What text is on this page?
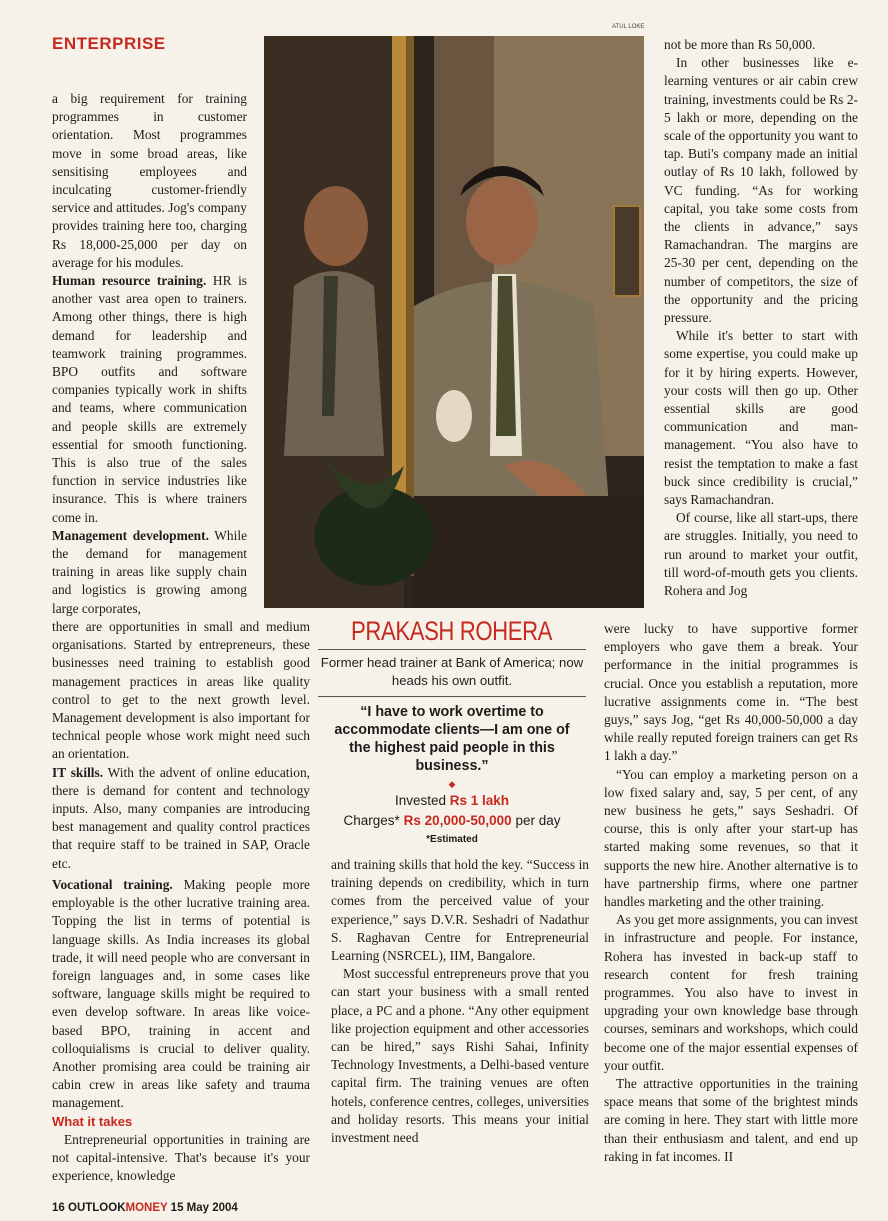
ENTERPRISE
ATUL LOKE

a big requirement for training programmes in customer orientation. Most programmes move in some broad areas, like sensitising employees and inculcating customer-friendly service and attitudes. Jog's company provides training here too, charging Rs 18,000-25,000 per day on average for his modules.

Human resource training. HR is another vast area open to trainers. Among other things, there is high demand for leadership and teamwork training programmes. BPO outfits and software companies typically work in shifts and teams, where communication and people skills are extremely essential for smooth functioning. This is also true of the sales function in service industries like insurance. This is where trainers come in.

Management development. While the demand for management training in areas like supply chain and logistics is growing among large corporates,

there are opportunities in small and medium organisations. Started by entrepreneurs, these businesses need training to establish good management practices in areas like quality control to get to the next growth level. Management development is also important for technical people whose work might need such an orientation.

IT skills. With the advent of online education, there is demand for content and technology inputs. Also, many companies are introducing best management and quality control practices that require staff to be trained in SAP, Oracle etc.

Vocational training. Making people more employable is the other lucrative training area. Topping the list in terms of potential is language skills. As India increases its global trade, it will need people who are conversant in foreign languages and, in some cases like software, language skills might be required to even develop software. In areas like voice-based BPO, training in accent and colloquialisms is crucial to deliver quality. Another promising area could be training air cabin crew in areas like safety and trauma management.

What it takes

Entrepreneurial opportunities in training are not capital-intensive. That's because it's your experience, knowledge

PRAKASH ROHERA
Former head trainer at Bank of America; now heads his own outfit.
“I have to work overtime to accommodate clients—I am one of the highest paid people in this business.”
◆
Invested Rs 1 lakh
Charges* Rs 20,000-50,000 per day
*Estimated

and training skills that hold the key. “Success in training depends on credibility, which in turn comes from the perceived value of your experience,” says D.V.R. Seshadri of Nadathur S. Raghavan Centre for Entrepreneurial Learning (NSRCEL), IIM, Bangalore.

Most successful entrepreneurs prove that you can start your business with a small rented place, a PC and a phone. “Any other equipment like projection equipment and other accessories can be hired,” says Rishi Sahai, Infinity Technology Investments, a Delhi-based venture capital firm. The training venues are often hotels, conference centres, colleges, universities and holiday resorts. This means your initial investment need

not be more than Rs 50,000.

In other businesses like e-learning ventures or air cabin crew training, investments could be Rs 2-5 lakh or more, depending on the scale of the opportunity you want to tap. Buti's company made an initial outlay of Rs 10 lakh, followed by VC funding. “As for working capital, you take some costs from the clients in advance,” says Ramachandran. The margins are 25-30 per cent, depending on the number of competitors, the size of the opportunity and the pricing pressure.

While it's better to start with some expertise, you could make up for it by hiring experts. However, your costs will then go up. Other essential skills are good communication and man-management. “You also have to resist the temptation to make a fast buck since credibility is crucial,” says Ramachandran.

Of course, like all start-ups, there are struggles. Initially, you need to run around to market your outfit, till word-of-mouth gets you clients. Rohera and Jog

were lucky to have supportive former employers who gave them a break. Your performance in the initial programmes is crucial. Once you establish a reputation, more lucrative assignments come in. “The best guys,” says Jog, “get Rs 40,000-50,000 a day while really reputed foreign trainers can get Rs 1 lakh a day.”

“You can employ a marketing person on a low fixed salary and, say, 5 per cent, of any new business he gets,” says Seshadri. Of course, this is only after your start-up has started making some revenues, so that it supports the new hire. Another alternative is to have partnership firms, where one partner handles marketing and the other training.

As you get more assignments, you can invest in infrastructure and people. For instance, Rohera has invested in back-up staff to research content for fresh training programmes. You also have to invest in upgrading your own knowledge base through courses, seminars and workshops, which could become one of the major essential expenses of your outfit.

The attractive opportunities in the training space means that some of the brightest minds are coming in here. They start with little more than their enthusiasm and talent, and end up raking in fat incomes. II

16 OUTLOOKMONEY 15 May 2004
